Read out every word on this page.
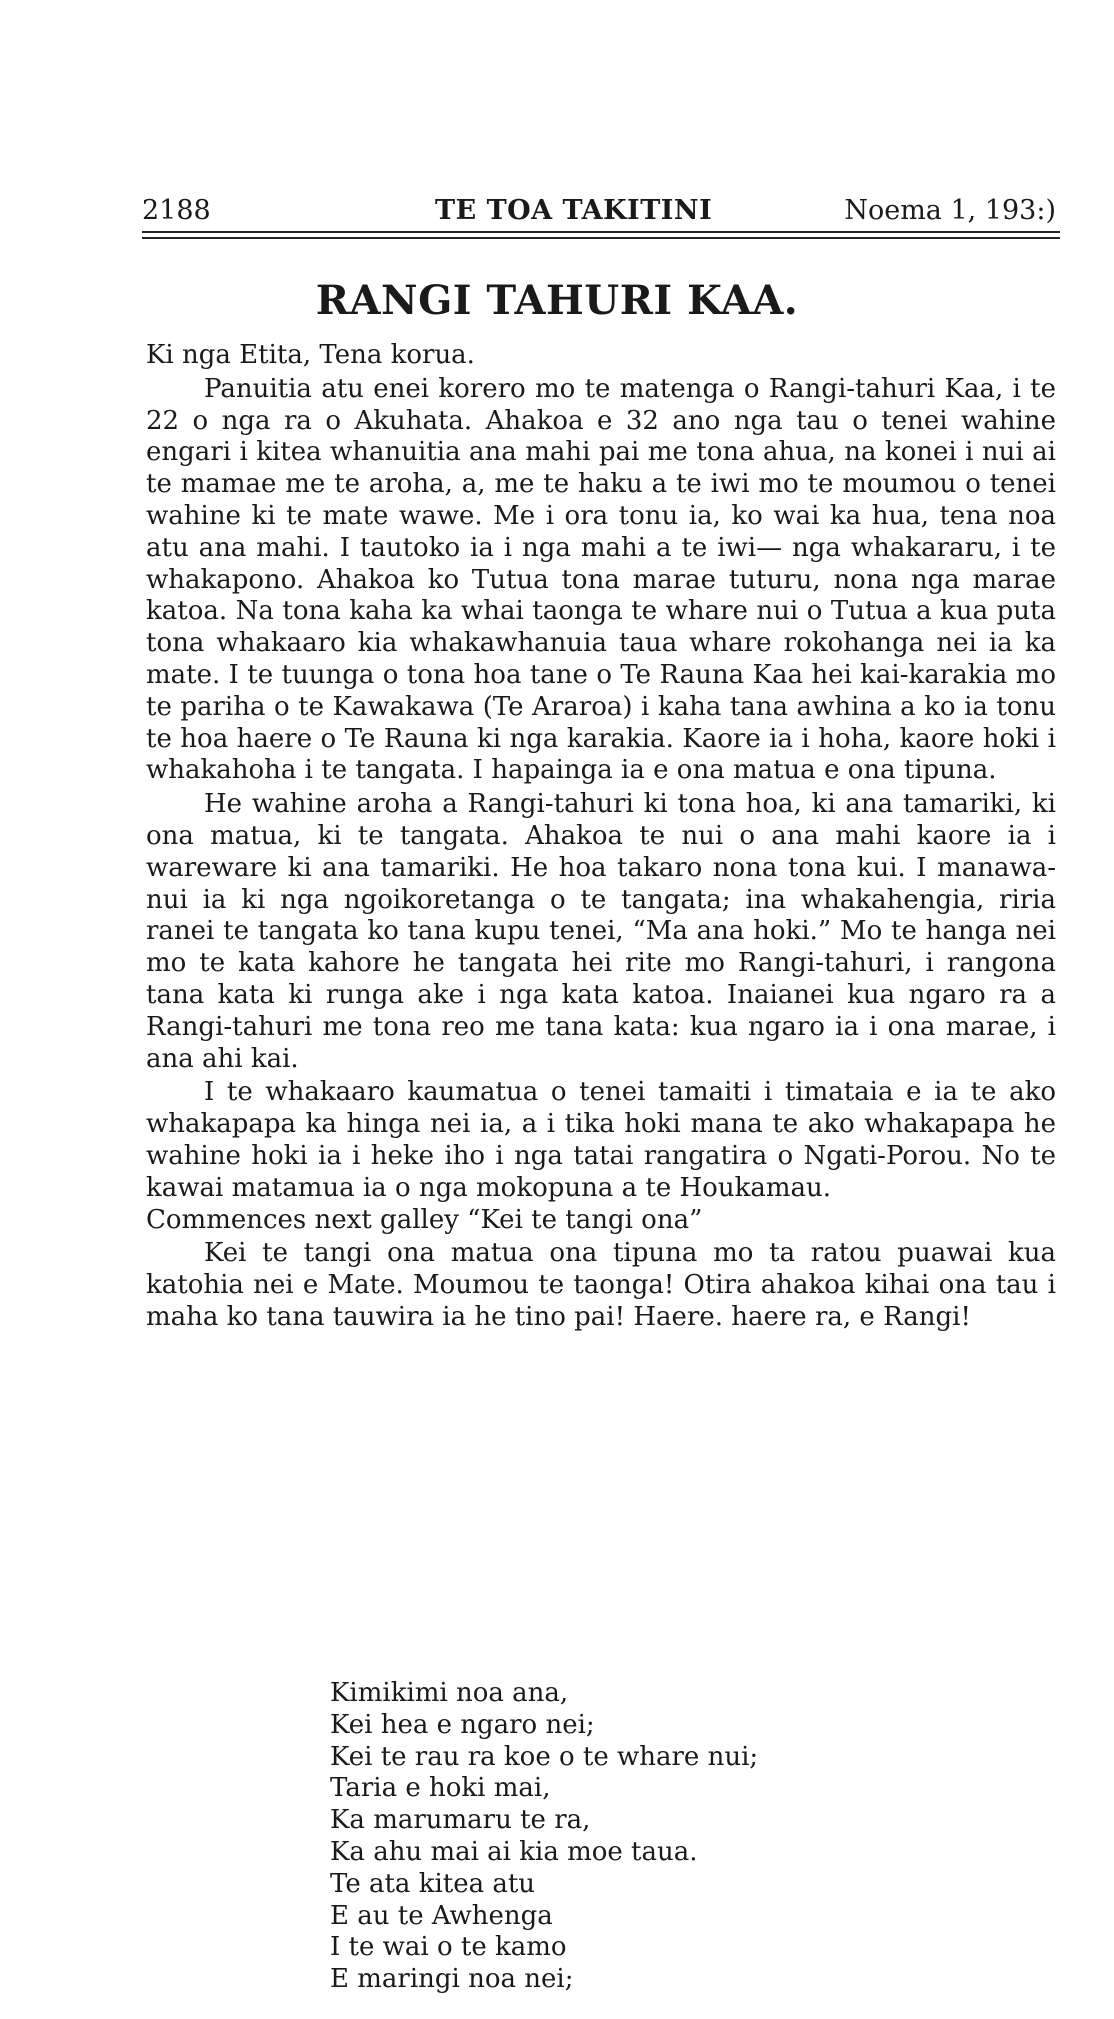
2188	TE TOA TAKITINI	Noema 1, 193:)
RANGI TAHURI KAA.

Ki nga Etita, Tena korua.

Panuitia atu enei korero mo te matenga o Rangi-tahuri Kaa, i te 22 o nga ra o Akuhata. Ahakoa e 32 ano nga tau o tenei wahine engari i kitea whanuitia ana mahi pai me tona ahua, na konei i nui ai te mamae me te aroha, a, me te haku a te iwi mo te moumou o tenei wahine ki te mate wawe. Me i ora tonu ia, ko wai ka hua, tena noa atu ana mahi. I tautoko ia i nga mahi a te iwi— nga whakararu, i te whakapono. Ahakoa ko Tutua tona marae tuturu, nona nga marae katoa. Na tona kaha ka whai taonga te whare nui o Tutua a kua puta tona whakaaro kia whakawhanuia taua whare rokohanga nei ia ka mate. I te tuunga o tona hoa tane o Te Rauna Kaa hei kai-karakia mo te pariha o te Kawakawa (Te Araroa) i kaha tana awhina a ko ia tonu te hoa haere o Te Rauna ki nga karakia. Kaore ia i hoha, kaore hoki i whakahoha i te tangata. I hapainga ia e ona matua e ona tipuna.

He wahine aroha a Rangi-tahuri ki tona hoa, ki ana tamariki, ki ona matua, ki te tangata. Ahakoa te nui o ana mahi kaore ia i wareware ki ana tamariki. He hoa takaro nona tona kui. I manawa-nui ia ki nga ngoikoretanga o te tangata; ina whakahengia, riria ranei te tangata ko tana kupu tenei, “Ma ana hoki.” Mo te hanga nei mo te kata kahore he tangata hei rite mo Rangi-tahuri, i rangona tana kata ki runga ake i nga kata katoa. Inaianei kua ngaro ra a Rangi-tahuri me tona reo me tana kata: kua ngaro ia i ona marae, i ana ahi kai.

I te whakaaro kaumatua o tenei tamaiti i timataia e ia te ako whakapapa ka hinga nei ia, a i tika hoki mana te ako whakapapa he wahine hoki ia i heke iho i nga tatai rangatira o Ngati-Porou. No te kawai matamua ia o nga mokopuna a te Houkamau.

Commences next galley “Kei te tangi ona”

Kei te tangi ona matua ona tipuna mo ta ratou puawai kua katohia nei e Mate. Moumou te taonga! Otira ahakoa kihai ona tau i maha ko tana tauwira ia he tino pai! Haere. haere ra, e Rangi!

Kimikimi noa ana,
Kei hea e ngaro nei;
Kei te rau ra koe o te whare nui;
Taria e hoki mai,
Ka marumaru te ra,
Ka ahu mai ai kia moe taua.
Te ata kitea atu
E au te Awhenga
I te wai o te kamo
E maringi noa nei;
